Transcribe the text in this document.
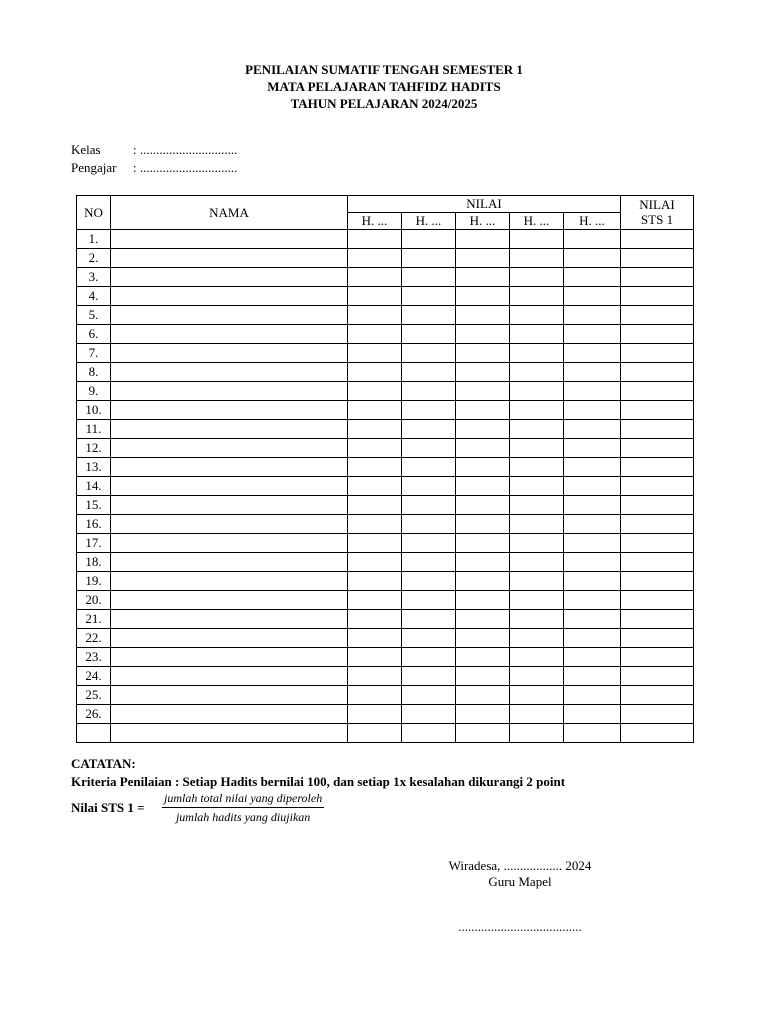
PENILAIAN SUMATIF TENGAH SEMESTER 1
MATA PELAJARAN TAHFIDZ HADITS
TAHUN PELAJARAN 2024/2025
Kelas : ..............................
Pengajar : ..............................
NO	NAMA	NILAI					NILAI
STS 1

		H. ...	H. ...	H. ...	H. ...	H. ...	
1.							
2.							
3.							
4.							
5.							
6.							
7.							
8.							
9.							
10.							
11.							
12.							
13.							
14.							
15.							
16.							
17.							
18.							
19.							
20.							
21.							
22.							
23.							
24.							
25.							
26.							

CATATAN:
Kriteria Penilaian : Setiap Hadits bernilai 100, dan setiap 1x kesalahan dikurangi 2 point
Nilai STS 1 =
jumlah total nilai yang diperoleh
jumlah hadits yang diujikan
Wiradesa, .................. 2024
Guru Mapel
......................................
